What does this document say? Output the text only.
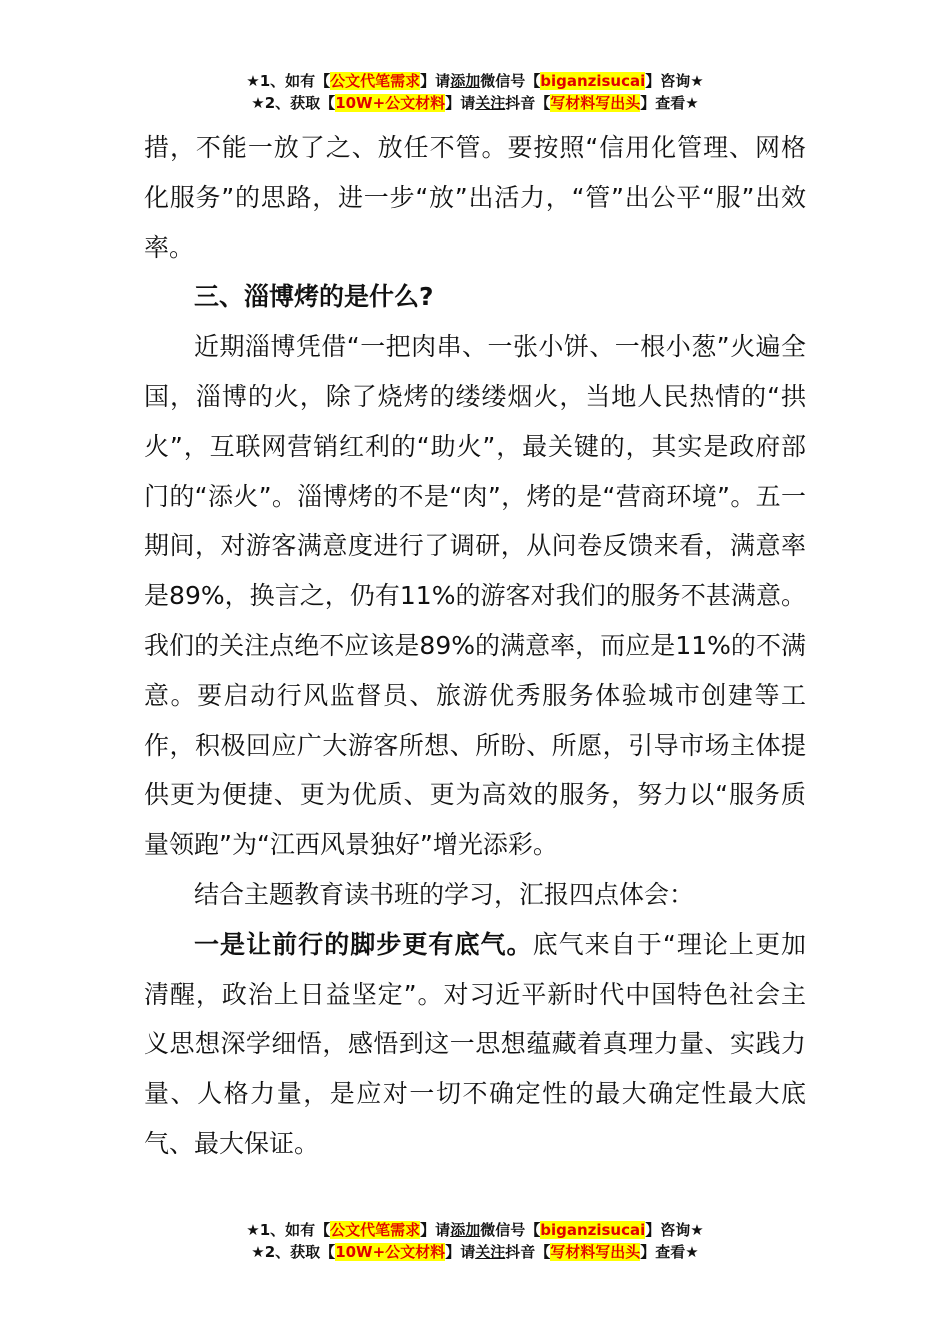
★1、如有【公文代笔需求】请添加微信号【biganzisucai】咨询★
★2、获取【10W+公文材料】请关注抖音【写材料写出头】查看★

措，不能一放了之、放任不管。要按照“信用化管理、网格化服务”的思路，进一步“放”出活力，“管”出公平“服”出效率。

三、淄博烤的是什么?

近期淄博凭借“一把肉串、一张小饼、一根小葱”火遍全国，淄博的火，除了烧烤的缕缕烟火，当地人民热情的“拱火”，互联网营销红利的“助火”，最关键的，其实是政府部门的“添火”。淄博烤的不是“肉”，烤的是“营商环境”。五一期间，对游客满意度进行了调研，从问卷反馈来看，满意率是89%，换言之，仍有11%的游客对我们的服务不甚满意。我们的关注点绝不应该是89%的满意率，而应是11%的不满意。要启动行风监督员、旅游优秀服务体验城市创建等工作，积极回应广大游客所想、所盼、所愿，引导市场主体提供更为便捷、更为优质、更为高效的服务，努力以“服务质量领跑”为“江西风景独好”增光添彩。

结合主题教育读书班的学习，汇报四点体会：

一是让前行的脚步更有底气。底气来自于“理论上更加清醒，政治上日益坚定”。对习近平新时代中国特色社会主义思想深学细悟，感悟到这一思想蕴藏着真理力量、实践力量、人格力量，是应对一切不确定性的最大确定性最大底气、最大保证。

★1、如有【公文代笔需求】请添加微信号【biganzisucai】咨询★
★2、获取【10W+公文材料】请关注抖音【写材料写出头】查看★
